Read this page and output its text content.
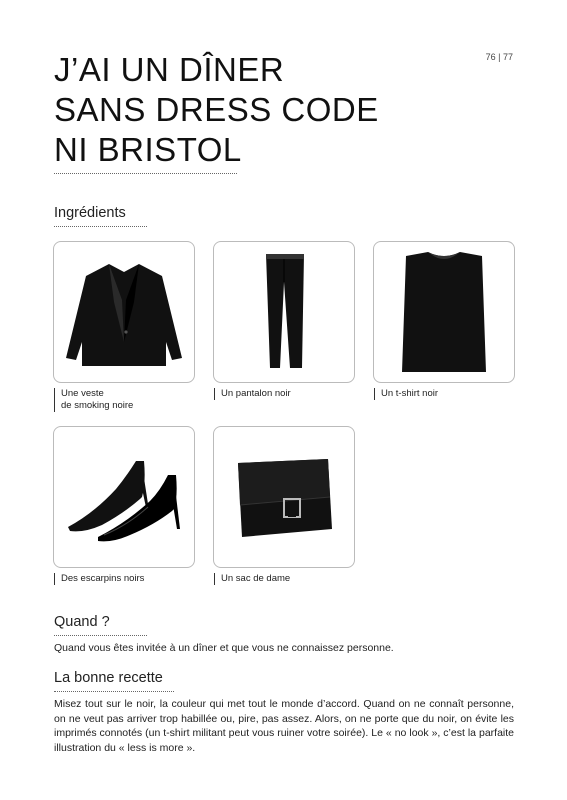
76 | 77
J’AI UN DÎNER
SANS DRESS CODE
NI BRISTOL
Ingrédients
Une veste
de smoking noire
Un pantalon noir	Un t-shirt noir
Des escarpins noirs	Un sac de dame
Quand ?
Quand vous êtes invitée à un dîner et que vous ne connaissez personne.
La bonne recette
Misez tout sur le noir, la couleur qui met tout le monde d’accord. Quand on ne connaît personne, on ne veut pas arriver trop habillée ou, pire, pas assez. Alors, on ne porte que du noir, on évite les imprimés connotés (un t-shirt militant peut vous ruiner votre soirée). Le « no look », c’est la parfaite illustration du « less is more ».
